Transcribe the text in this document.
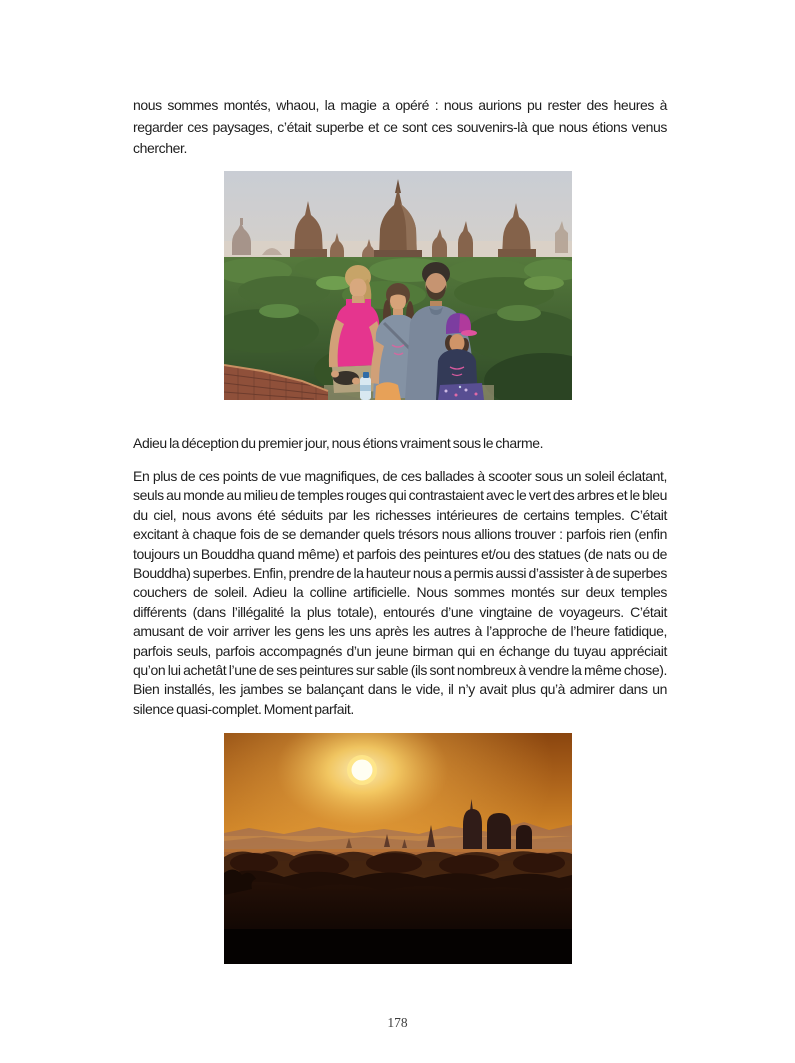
nous sommes montés, whaou, la magie a opéré : nous aurions pu rester des heures à regarder ces paysages, c’était superbe et ce sont ces souvenirs-là que nous étions venus chercher.

Adieu la déception du premier jour, nous étions vraiment sous le charme.

En plus de ces points de vue magnifiques, de ces ballades à scooter sous un soleil éclatant, seuls au monde au milieu de temples rouges qui contrastaient avec le vert des arbres et le bleu du ciel, nous avons été séduits par les richesses intérieures de certains temples. C’était excitant à chaque fois de se demander quels trésors nous allions trouver : parfois rien (enfin toujours un Bouddha quand même) et parfois des peintures et/ou des statues (de nats ou de Bouddha) superbes. Enfin, prendre de la hauteur nous a permis aussi d’assister à de superbes couchers de soleil. Adieu la colline artificielle. Nous sommes montés sur deux temples différents (dans l’illégalité la plus totale), entourés d’une vingtaine de voyageurs. C’était amusant de voir arriver les gens les uns après les autres à l’approche de l’heure fatidique, parfois seuls, parfois accompagnés d’un jeune birman qui en échange du tuyau appréciait qu’on lui achetât l’une de ses peintures sur sable (ils sont nombreux à vendre la même chose). Bien installés, les jambes se balançant dans le vide, il n’y avait plus qu’à admirer dans un silence quasi-complet. Moment parfait.

178
